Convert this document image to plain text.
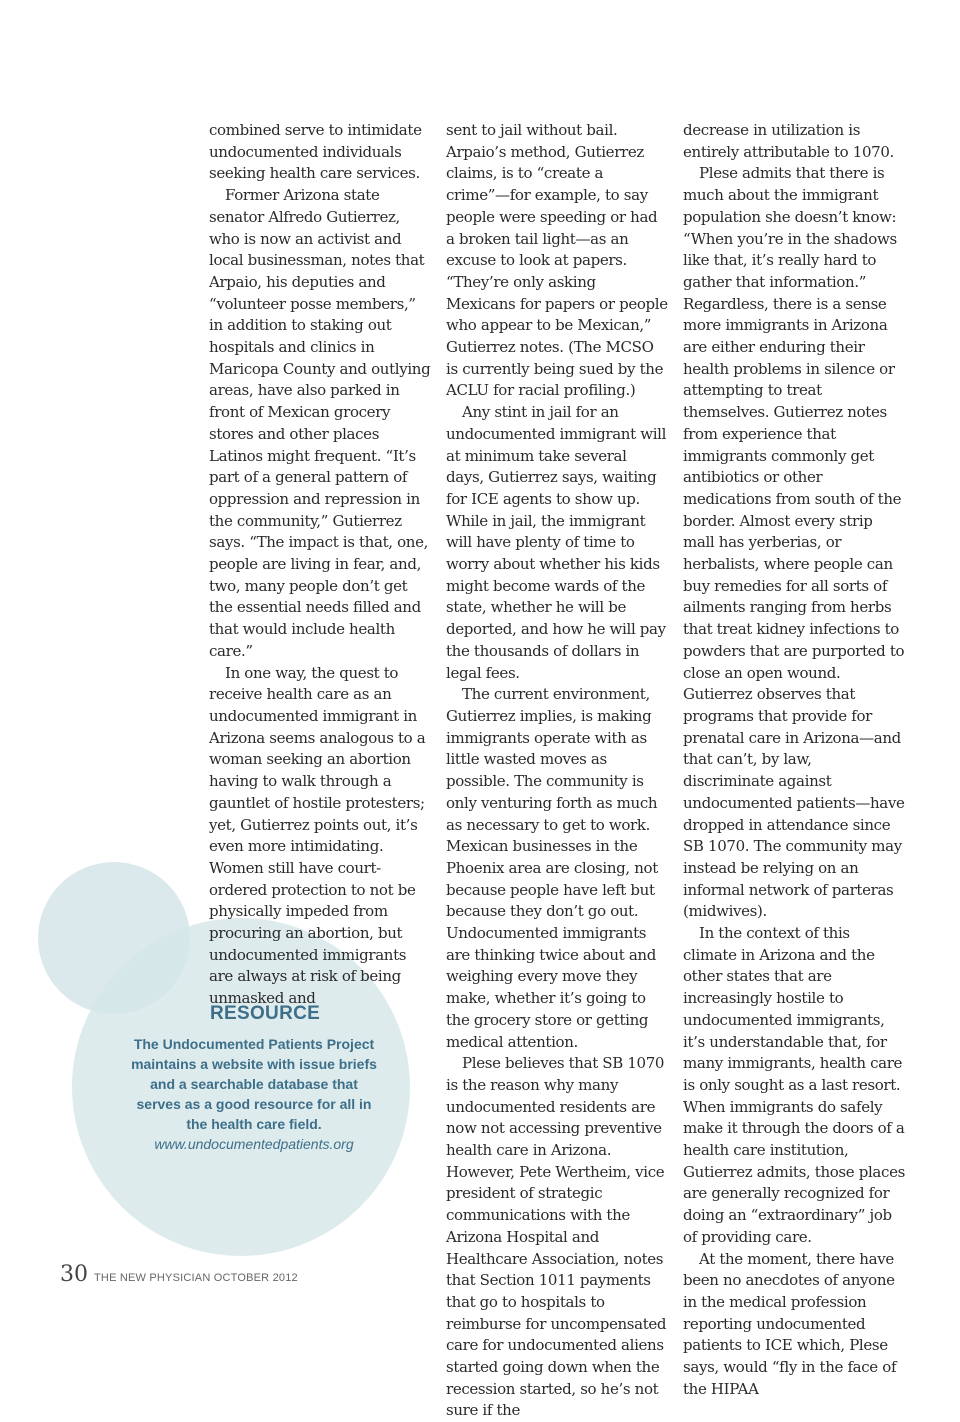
combined serve to intimidate undocumented individuals seeking health care services.

Former Arizona state senator Alfredo Gutierrez, who is now an activist and local businessman, notes that Arpaio, his deputies and “volunteer posse members,” in addition to staking out hospitals and clinics in Maricopa County and outlying areas, have also parked in front of Mexican grocery stores and other places Latinos might frequent. “It’s part of a general pattern of oppression and repression in the community,” Gutierrez says. “The impact is that, one, people are living in fear, and, two, many people don’t get the essential needs filled and that would include health care.”

In one way, the quest to receive health care as an undocumented immigrant in Arizona seems analogous to a woman seeking an abortion having to walk through a gauntlet of hostile protesters; yet, Gutierrez points out, it’s even more intimidating. Women still have court-ordered protection to not be physically impeded from procuring an abortion, but undocumented immigrants are always at risk of being unmasked and

sent to jail without bail. Arpaio’s method, Gutierrez claims, is to “create a crime”—for example, to say people were speeding or had a broken tail light—as an excuse to look at papers. “They’re only asking Mexicans for papers or people who appear to be Mexican,” Gutierrez notes. (The MCSO is currently being sued by the ACLU for racial profiling.)

Any stint in jail for an undocumented immigrant will at minimum take several days, Gutierrez says, waiting for ICE agents to show up. While in jail, the immigrant will have plenty of time to worry about whether his kids might become wards of the state, whether he will be deported, and how he will pay the thousands of dollars in legal fees.

The current environment, Gutierrez implies, is making immigrants operate with as little wasted moves as possible. The community is only venturing forth as much as necessary to get to work. Mexican businesses in the Phoenix area are closing, not because people have left but because they don’t go out. Undocumented immigrants are thinking twice about and weighing every move they make, whether it’s going to the grocery store or getting medical attention.

Plese believes that SB 1070 is the reason why many undocumented residents are now not accessing preventive health care in Arizona. However, Pete Wertheim, vice president of strategic communications with the Arizona Hospital and Healthcare Association, notes that Section 1011 payments that go to hospitals to reimburse for uncompensated care for undocumented aliens started going down when the recession started, so he’s not sure if the

decrease in utilization is entirely attributable to 1070.

Plese admits that there is much about the immigrant population she doesn’t know: “When you’re in the shadows like that, it’s really hard to gather that information.” Regardless, there is a sense more immigrants in Arizona are either enduring their health problems in silence or attempting to treat themselves. Gutierrez notes from experience that immigrants commonly get antibiotics or other medications from south of the border. Almost every strip mall has yerberias, or herbalists, where people can buy remedies for all sorts of ailments ranging from herbs that treat kidney infections to powders that are purported to close an open wound. Gutierrez observes that programs that provide for prenatal care in Arizona—and that can’t, by law, discriminate against undocumented patients—have dropped in attendance since SB 1070. The community may instead be relying on an informal network of parteras (midwives).

In the context of this climate in Arizona and the other states that are increasingly hostile to undocumented immigrants, it’s understandable that, for many immigrants, health care is only sought as a last resort. When immigrants do safely make it through the doors of a health care institution, Gutierrez admits, those places are generally recognized for doing an “extraordinary” job of providing care.

At the moment, there have been no anecdotes of anyone in the medical profession reporting undocumented patients to ICE which, Plese says, would “fly in the face of the HIPAA

RESOURCE
The Undocumented Patients Project maintains a website with issue briefs and a searchable database that serves as a good resource for all in the health care field.
www.undocumentedpatients.org
30 THE NEW PHYSICIAN OCTOBER 2012
